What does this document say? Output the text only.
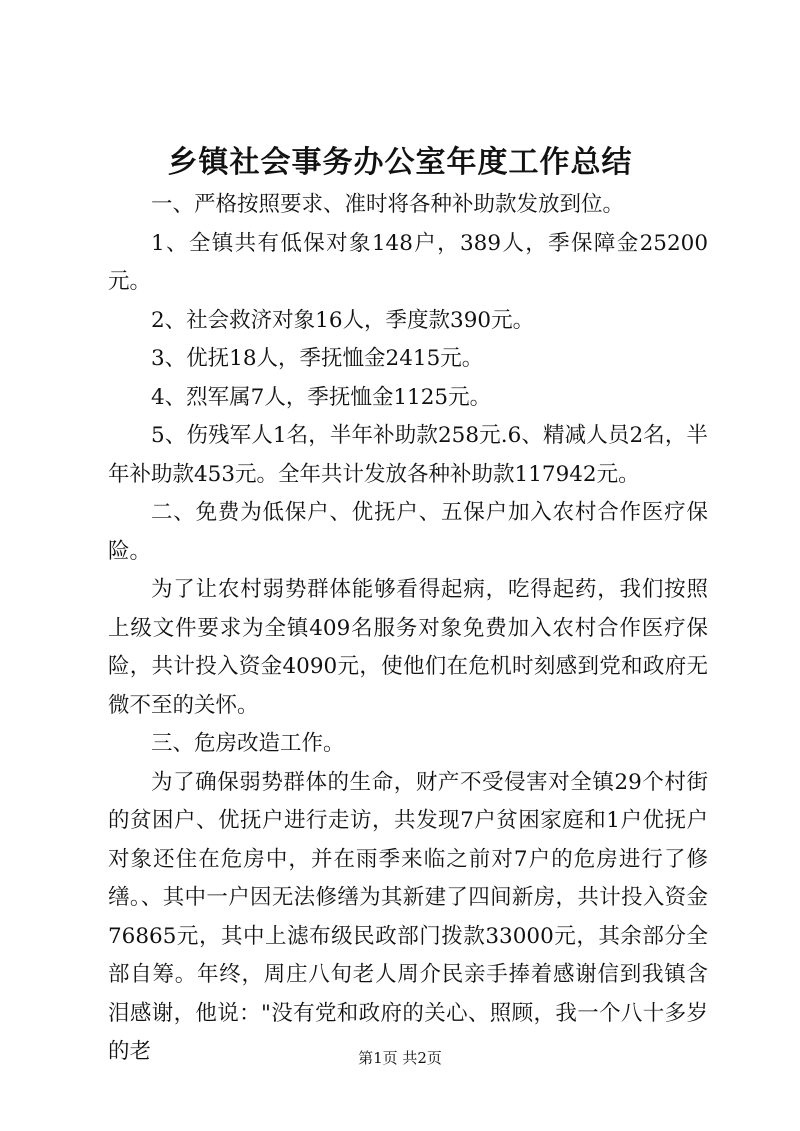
乡镇社会事务办公室年度工作总结

一、严格按照要求、准时将各种补助款发放到位。

1、全镇共有低保对象148户，389人，季保障金25200元。

2、社会救济对象16人，季度款390元。

3、优抚18人，季抚恤金2415元。

4、烈军属7人，季抚恤金1125元。

5、伤残军人1名，半年补助款258元.6、精减人员2名，半年补助款453元。全年共计发放各种补助款117942元。

二、免费为低保户、优抚户、五保户加入农村合作医疗保险。

为了让农村弱势群体能够看得起病，吃得起药，我们按照上级文件要求为全镇409名服务对象免费加入农村合作医疗保险，共计投入资金4090元，使他们在危机时刻感到党和政府无微不至的关怀。

三、危房改造工作。

为了确保弱势群体的生命，财产不受侵害对全镇29个村街的贫困户、优抚户进行走访，共发现7户贫困家庭和1户优抚户对象还住在危房中，并在雨季来临之前对7户的危房进行了修缮。、其中一户因无法修缮为其新建了四间新房，共计投入资金76865元，其中上滤布级民政部门拨款33000元，其余部分全部自筹。年终，周庄八旬老人周介民亲手捧着感谢信到我镇含泪感谢，他说："没有党和政府的关心、照顾，我一个八十多岁的老	第1页 共2页
